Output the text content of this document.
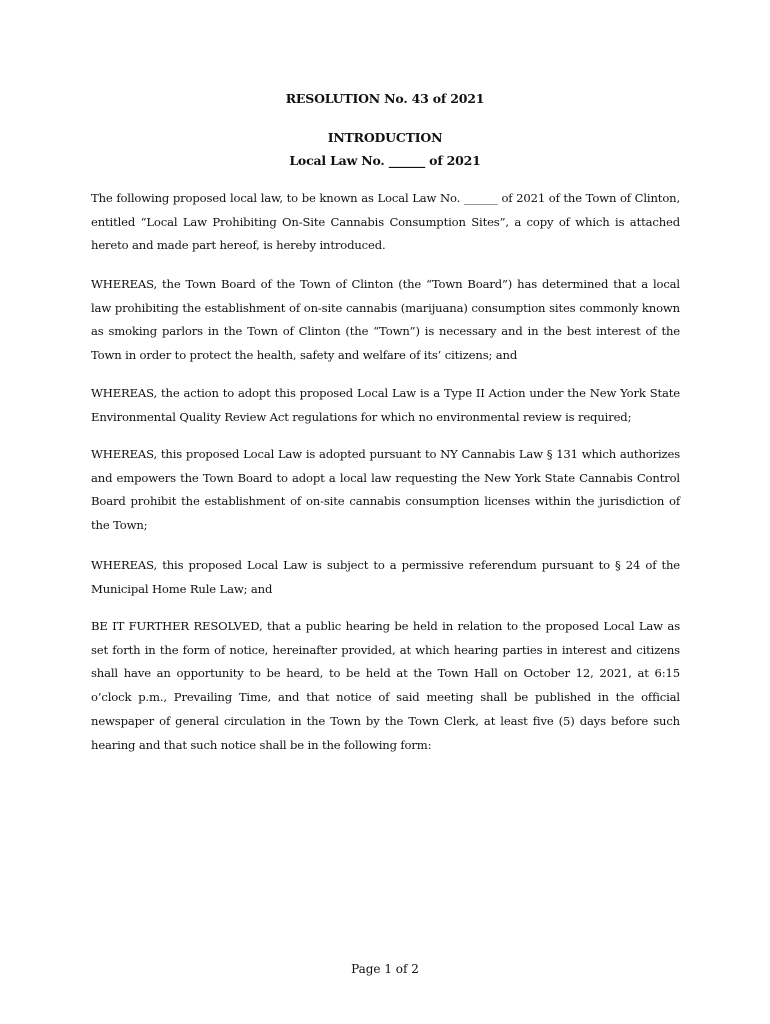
RESOLUTION No. 43 of 2021
INTRODUCTION
Local Law No. ______ of 2021

The following proposed local law, to be known as Local Law No. ______ of 2021 of the Town of Clinton, entitled “Local Law Prohibiting On-Site Cannabis Consumption Sites”, a copy of which is attached hereto and made part hereof, is hereby introduced.

WHEREAS, the Town Board of the Town of Clinton (the “Town Board”) has determined that a local law prohibiting the establishment of on-site cannabis (marijuana) consumption sites commonly known as smoking parlors in the Town of Clinton (the “Town”) is necessary and in the best interest of the Town in order to protect the health, safety and welfare of its’ citizens; and

WHEREAS, the action to adopt this proposed Local Law is a Type II Action under the New York State Environmental Quality Review Act regulations for which no environmental review is required;

WHEREAS, this proposed Local Law is adopted pursuant to NY Cannabis Law § 131 which authorizes and empowers the Town Board to adopt a local law requesting the New York State Cannabis Control Board prohibit the establishment of on-site cannabis consumption licenses within the jurisdiction of the Town;

WHEREAS, this proposed Local Law is subject to a permissive referendum pursuant to § 24 of the Municipal Home Rule Law; and

BE IT FURTHER RESOLVED, that a public hearing be held in relation to the proposed Local Law as set forth in the form of notice, hereinafter provided, at which hearing parties in interest and citizens shall have an opportunity to be heard, to be held at the Town Hall on October 12, 2021, at 6:15 o’clock p.m., Prevailing Time, and that notice of said meeting shall be published in the official newspaper of general circulation in the Town by the Town Clerk, at least five (5) days before such hearing and that such notice shall be in the following form:

Page 1 of 2
